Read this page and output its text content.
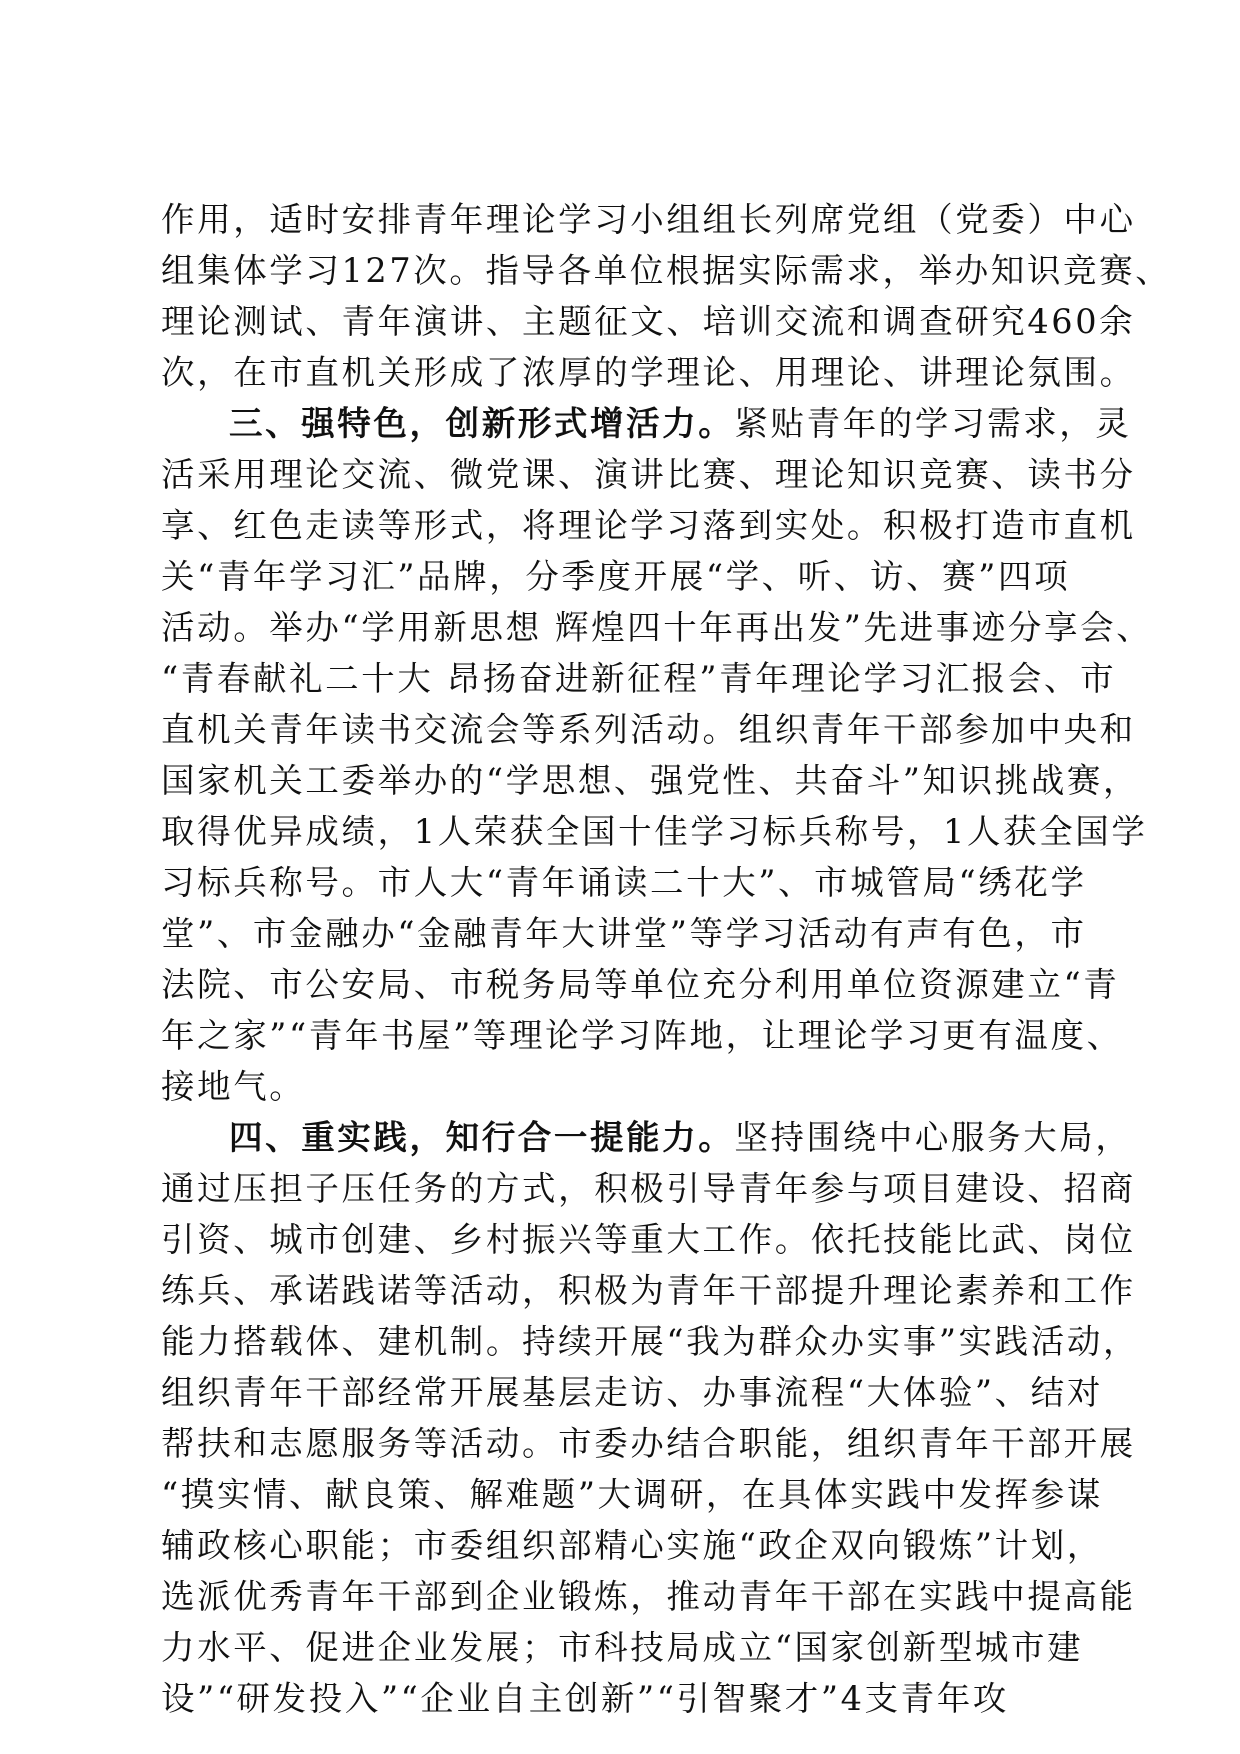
作用，适时安排青年理论学习小组组长列席党组（党委）中心
组集体学习127次。指导各单位根据实际需求，举办知识竞赛、
理论测试、青年演讲、主题征文、培训交流和调查研究460余
次，在市直机关形成了浓厚的学理论、用理论、讲理论氛围。
三、强特色，创新形式增活力。紧贴青年的学习需求，灵
活采用理论交流、微党课、演讲比赛、理论知识竞赛、读书分
享、红色走读等形式，将理论学习落到实处。积极打造市直机
关“青年学习汇”品牌，分季度开展“学、听、访、赛”四项
活动。举办“学用新思想 辉煌四十年再出发”先进事迹分享会、
“青春献礼二十大 昂扬奋进新征程”青年理论学习汇报会、市
直机关青年读书交流会等系列活动。组织青年干部参加中央和
国家机关工委举办的“学思想、强党性、共奋斗”知识挑战赛，
取得优异成绩，1人荣获全国十佳学习标兵称号，1人获全国学
习标兵称号。市人大“青年诵读二十大”、市城管局“绣花学
堂”、市金融办“金融青年大讲堂”等学习活动有声有色，市
法院、市公安局、市税务局等单位充分利用单位资源建立“青
年之家”“青年书屋”等理论学习阵地，让理论学习更有温度、
接地气。
四、重实践，知行合一提能力。坚持围绕中心服务大局，
通过压担子压任务的方式，积极引导青年参与项目建设、招商
引资、城市创建、乡村振兴等重大工作。依托技能比武、岗位
练兵、承诺践诺等活动，积极为青年干部提升理论素养和工作
能力搭载体、建机制。持续开展“我为群众办实事”实践活动，
组织青年干部经常开展基层走访、办事流程“大体验”、结对
帮扶和志愿服务等活动。市委办结合职能，组织青年干部开展
“摸实情、献良策、解难题”大调研，在具体实践中发挥参谋
辅政核心职能；市委组织部精心实施“政企双向锻炼”计划，
选派优秀青年干部到企业锻炼，推动青年干部在实践中提高能
力水平、促进企业发展；市科技局成立“国家创新型城市建
设”“研发投入”“企业自主创新”“引智聚才”4支青年攻
